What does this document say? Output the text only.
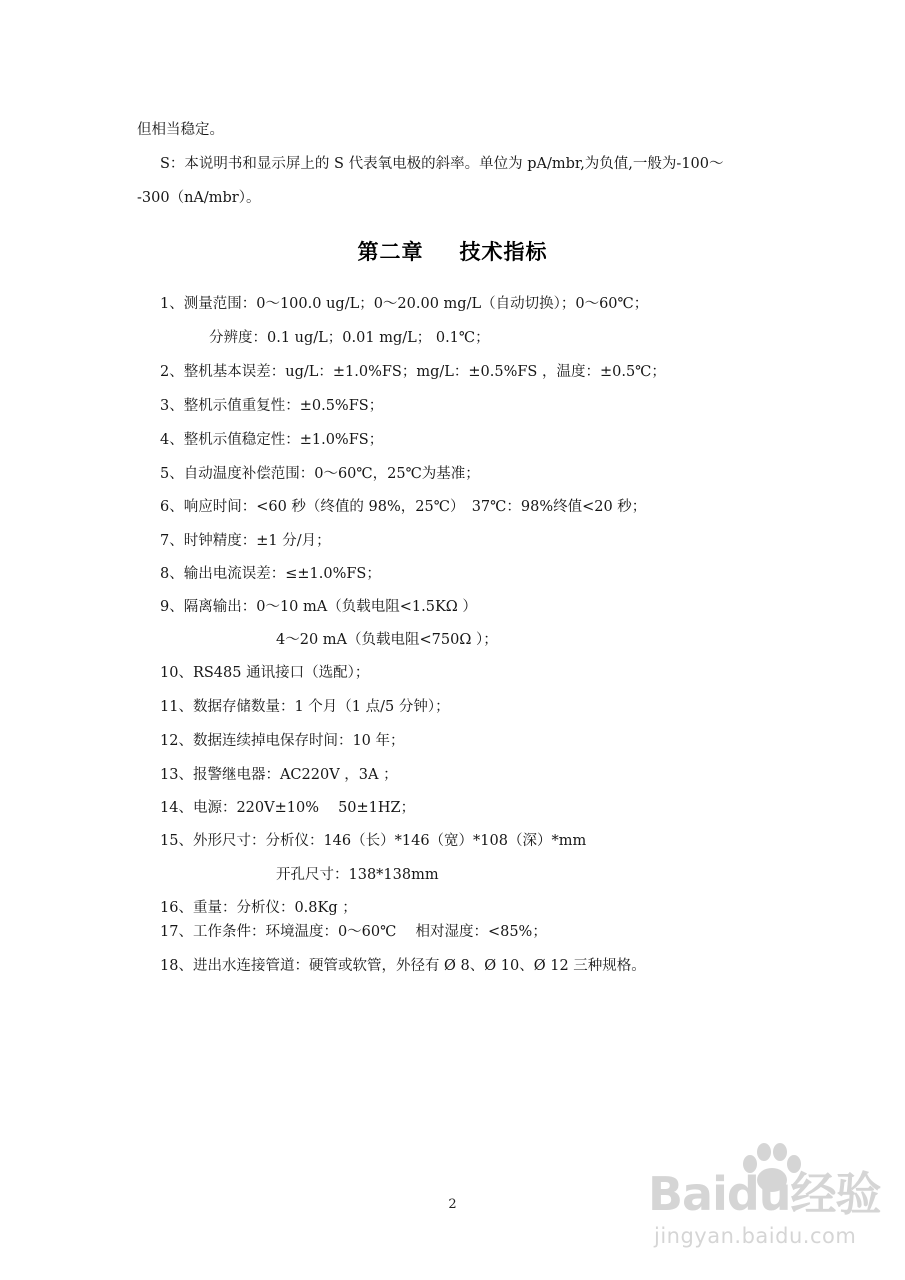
但相当稳定。
S：本说明书和显示屏上的 S 代表氧电极的斜率。单位为 pA/mbr,为负值,一般为-100～
-300（nA/mbr）。
第二章 技术指标
1、测量范围：0～100.0 ug/L；0～20.00 mg/L（自动切换）；0～60℃；
分辨度：0.1 ug/L；0.01 mg/L； 0.1℃；
2、整机基本误差：ug/L：±1.0%FS；mg/L：±0.5%FS ，温度：±0.5℃；
3、整机示值重复性：±0.5%FS；
4、整机示值稳定性：±1.0%FS；
5、自动温度补偿范围：0～60℃，25℃为基准；
6、响应时间：<60 秒（终值的 98%，25℃）　37℃：98%终值<20 秒；
7、时钟精度：±1 分/月；
8、输出电流误差：≤±1.0%FS；
9、隔离输出：0～10 mA（负载电阻<1.5KΩ ）
4～20 mA（负载电阻<750Ω ）；
10、RS485 通讯接口（选配）；
11、数据存储数量：1 个月（1 点/5 分钟）；
12、数据连续掉电保存时间：10 年；
13、报警继电器：AC220V ，3A ；
14、电源：220V±10%　 50±1HZ；
15、外形尺寸：分析仪：146（长）*146（宽）*108（深）*mm
开孔尺寸：138*138mm
16、重量：分析仪：0.8Kg ；
17、工作条件：环境温度：0～60℃　 相对湿度：<85%；
18、进出水连接管道：硬管或软管，外径有 Ø 8、Ø 10、Ø 12 三种规格。
2	Baidu经验
jingyan.baidu.com
